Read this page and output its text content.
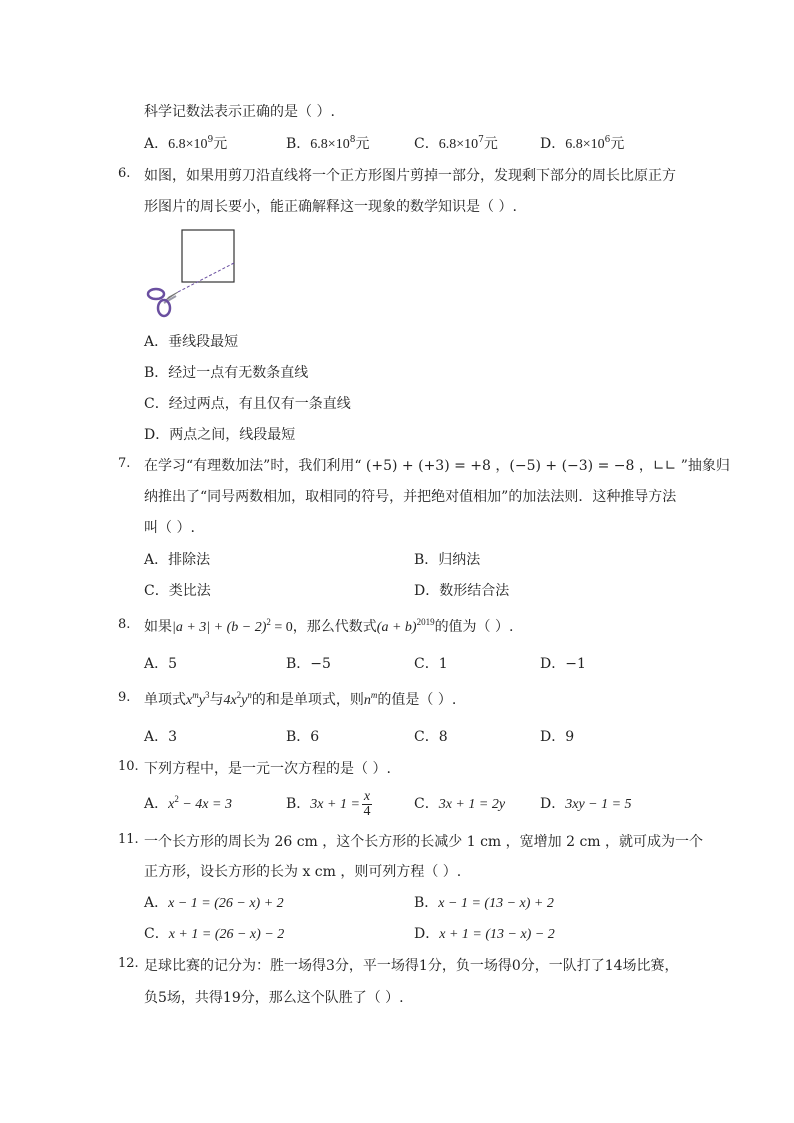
科学记数法表示正确的是（ ）.
A．$6.8\times 10^9$元	B．$6.8\times 10^8$元	C．$6.8\times 10^7$元	D．$6.8\times 10^6$元
6. 如图，如果用剪刀沿直线将一个正方形图片剪掉一部分，发现剩下部分的周长比原正方
形图片的周长要小，能正确解释这一现象的数学知识是（ ）.
A．垂线段最短
B．经过一点有无数条直线
C．经过两点，有且仅有一条直线
D．两点之间，线段最短
7. 在学习“有理数加法”时，我们利用“ (+5) + (+3) = +8 ，(−5) + (−3) = −8 ，∟∟ ”抽象归
纳推出了“同号两数相加，取相同的符号，并把绝对值相加”的加法法则．这种推导方法
叫（ ）.
A．排除法	B．归纳法
C．类比法	D．数形结合法
8. 如果$|a + 3| + (b - 2)^2 = 0$，那么代数式$(a + b)^{2019}$的值为（ ）.
A．5	B．−5	C．1	D．−1
9. 单项式$x^my^3$与$4x^2y^n$的和是单项式，则$n^m$的值是（ ）.
A．3	B．6	C．8	D．9
10. 下列方程中，是一元一次方程的是（ ）.
A．$x^2 - 4x = 3$	B．$3x + 1 = \frac{x}{4}$	C．3x + 1 = 2y D．3xy − 1 = 5
11. 一个长方形的周长为 26 cm ，这个长方形的长减少 1 cm ，宽增加 2 cm ，就可成为一个
正方形，设长方形的长为 x cm ，则可列方程（ ）.
A．x − 1 = (26 − x) + 2	B．x − 1 = (13 − x) + 2
C．x + 1 = (26 − x) − 2	D．x + 1 = (13 − x) − 2
12. 足球比赛的记分为：胜一场得3分，平一场得1分，负一场得0分，一队打了14场比赛，
负5场，共得19分，那么这个队胜了（ ）.
